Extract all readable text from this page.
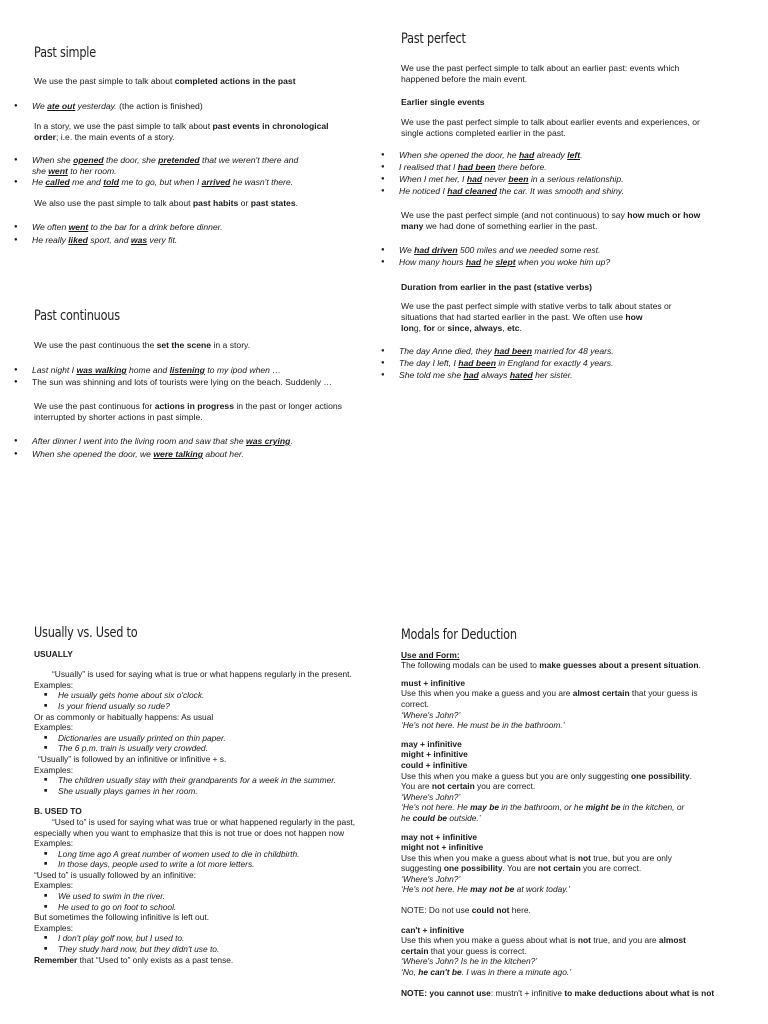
Past simple

We use the past simple to talk about completed actions in the past

● We ate out yesterday. (the action is finished)

In a story, we use the past simple to talk about past events in chronological
order; i.e. the main events of a story.

● When she opened the door, she pretended that we weren't there and
she went to her room.
● He called me and told me to go, but when I arrived he wasn't there.

We also use the past simple to talk about past habits or past states.

● We often went to the bar for a drink before dinner.
● He really liked sport, and was very fit.
Past continuous

We use the past continuous the set the scene in a story.

● Last night I was walking home and listening to my ipod when …
● The sun was shinning and lots of tourists were lying on the beach. Suddenly …

We use the past continuous for actions in progress in the past or longer actions
interrupted by shorter actions in past simple.

● After dinner I went into the living room and saw that she was crying.
● When she opened the door, we were talking about her.
Past perfect

We use the past perfect simple to talk about an earlier past: events which
happened before the main event.

Earlier single events

We use the past perfect simple to talk about earlier events and experiences, or
single actions completed earlier in the past.

● When she opened the door, he had already left.
● I realised that I had been there before.
● When I met her, I had never been in a serious relationship.
● He noticed I had cleaned the car. It was smooth and shiny.

We use the past perfect simple (and not continuous) to say how much or how
many we had done of something earlier in the past.

● We had driven 500 miles and we needed some rest.
● How many hours had he slept when you woke him up?

Duration from earlier in the past (stative verbs)

We use the past perfect simple with stative verbs to talk about states or
situations that had started earlier in the past. We often use how
long, for or since, always, etc.

● The day Anne died, they had been married for 48 years.
● The day I left, I had been in England for exactly 4 years.
● She told me she had always hated her sister.
Usually vs. Used to

USUALLY

“Usually” is used for saying what is true or what happens regularly in the present.

Examples:

■ He usually gets home about six o'clock.
■ Is your friend usually so rude?

Or as commonly or habitually happens: As usual

Examples:

■ Dictionaries are usually printed on thin paper.
■ The 6 p.m. train is usually very crowded.

“Usually” is followed by an infinitive or infinitive + s.

Examples:

■ The children usually stay with their grandparents for a week in the summer.
■ She usually plays games in her room.

B. USED TO

“Used to” is used for saying what was true or what happened regularly in the past, especially when you want to emphasize that this is not true or does not happen now

Examples:

■ Long time ago A great number of women used to die in childbirth.
■ In those days, people used to write a lot more letters.

“Used to” is usually followed by an infinitive:

Examples:

■ We used to swim in the river.
■ He used to go on foot to school.

But sometimes the following infinitive is left out.

Examples:

■ I don't play golf now, but I used to.
■ They study hard now, but they didn't use to.

Remember that “Used to” only exists as a past tense.

Modals for Deduction

Use and Form:

The following modals can be used to make guesses about a present situation.

must + infinitive

Use this when you make a guess and you are almost certain that your guess is
correct.

‘Where's John?’

‘He's not here. He must be in the bathroom.’

may + infinitive

might + infinitive

could + infinitive

Use this when you make a guess but you are only suggesting one possibility.
You are not certain you are correct.

‘Where's John?’

‘He's not here. He may be in the bathroom, or he might be in the kitchen, or
he could be outside.’

may not + infinitive

might not + infinitive

Use this when you make a guess about what is not true, but you are only
suggesting one possibility. You are not certain you are correct.

‘Where's John?’

‘He's not here. He may not be at work today.’

NOTE: Do not use could not here.

can't + infinitive

Use this when you make a guess about what is not true, and you are almost
certain that your guess is correct.

‘Where's John? Is he in the kitchen?’

‘No, he can't be. I was in there a minute ago.’

NOTE: you cannot use: mustn't + infinitive to make deductions about what is not
